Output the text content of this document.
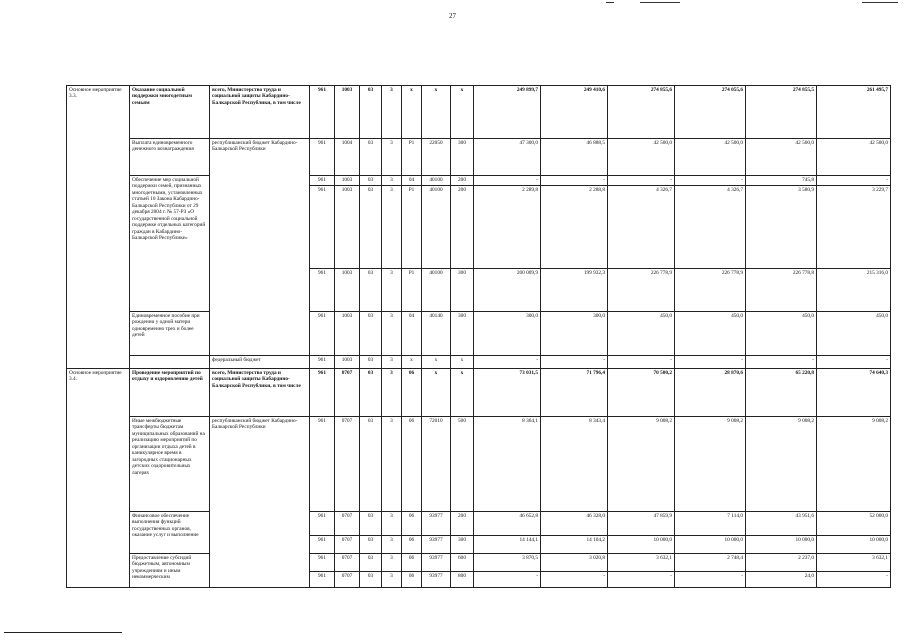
27
Основное мероприятие 3.3.	Оказание социальной поддержки многодетным семьям	всего, Министерство труда и социальной защиты Кабардино-Балкарской Республики, в том числе	961	1003	03	3	х	х	х	249 899,7	249 410,6	274 855,6	274 055,6	274 855,5	261 495,7
	Выплата единовременного денежного вознаграждения	республиканский бюджет Кабардино-Балкарской Республики	961	1004	03	3	Р1	22050	300	47 300,0	46 888,5	42 500,0	42 500,0	42 500,0	42 500,0
	Обеспечение мер социальной поддержки семей, признанных многодетными, установленных статьей 10 Закона Кабардино-Балкарской Республики от 29 декабря 2004 г. № 57-РЗ «О государственной социальной поддержке отдельных категорий граждан в Кабардино-Балкарской Республике»		961	1003	03	3	04	40100	200	-	-	-	-	745,8	-
			961	1003	03	3	Р1	40100	200	2 289,8	2 288,8	4 326,7	4 326,7	3 580,9	3 229,7
			961	1003	03	3	Р1	40100	300	200 009,9	199 932,3	226 778,9	226 778,9	226 778,8	215 316,0
	Единовременное пособие при рождении у одной матери одновременно трех и более детей		961	1003	03	3	04	40140	300	300,0	300,0	450,0	450,0	450,0	450,0
		федеральный бюджет	961	1003	03	3	х	х	х	-	-	-	-	-	-
Основное мероприятие 3.4.	Проведение мероприятий по отдыху и оздоровлению детей	всего, Министерство труда и социальной защиты Кабардино-Балкарской Республики, в том числе	961	0707	03	3	06	х	х	73 031,5	71 796,4	70 500,2	28 870,6	65 220,8	74 640,3
	Иные межбюджетные трансферты бюджетам муниципальных образований на реализацию мероприятий по организации отдыха детей в каникулярное время в загородных стационарных детских оздоровительных лагерях	республиканский бюджет Кабардино-Балкарской Республики	961	0707	03	3	06	72010	500	8 364,1	8 343,4	9 008,2	9 008,2	9 008,2	9 008,2
	Финансовое обеспечение выполнения функций государственных органов, оказание услуг и выполнение		961	0707	03	3	06	93977	200	46 652,8	46 328,0	47 859,9	7 114,0	43 951,6	52 000,0
			961	0707	03	3	06	93977	300	14 144,1	14 104,2	10 000,0	10 000,0	10 000,0	10 000,0
	Предоставление субсидий бюджетным, автономным учреждениям и иным некоммерческим		961	0707	03	3	06	93977	600	3 870,5	3 020,8	3 632,1	2 748,4	2 237,0	3 632,1
			961	0707	03	3	06	93977	800	-	-	-	-	24,0	-
